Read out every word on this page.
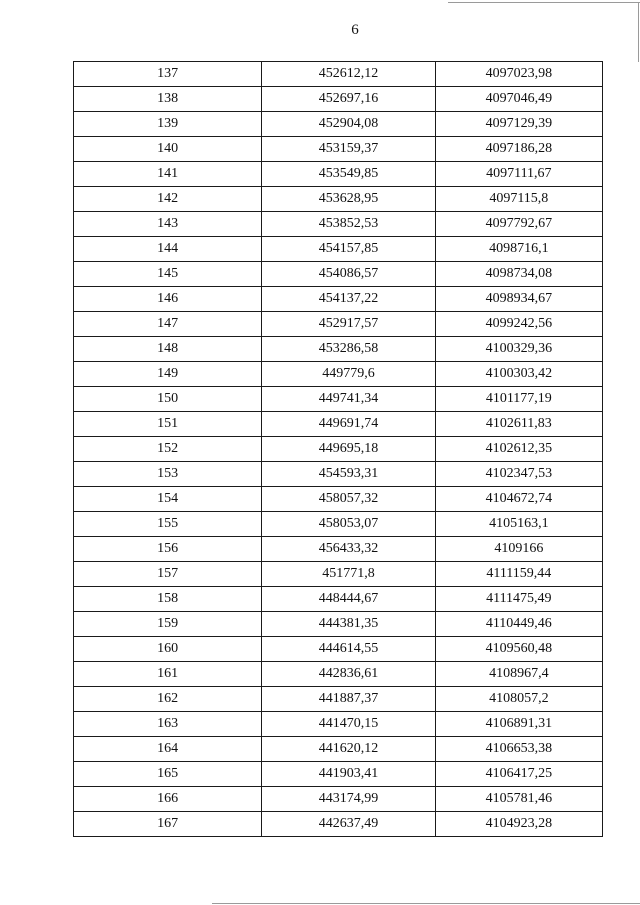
6
137	452612,12	4097023,98
138	452697,16	4097046,49
139	452904,08	4097129,39
140	453159,37	4097186,28
141	453549,85	4097111,67
142	453628,95	4097115,8
143	453852,53	4097792,67
144	454157,85	4098716,1
145	454086,57	4098734,08
146	454137,22	4098934,67
147	452917,57	4099242,56
148	453286,58	4100329,36
149	449779,6	4100303,42
150	449741,34	4101177,19
151	449691,74	4102611,83
152	449695,18	4102612,35
153	454593,31	4102347,53
154	458057,32	4104672,74
155	458053,07	4105163,1
156	456433,32	4109166
157	451771,8	4111159,44
158	448444,67	4111475,49
159	444381,35	4110449,46
160	444614,55	4109560,48
161	442836,61	4108967,4
162	441887,37	4108057,2
163	441470,15	4106891,31
164	441620,12	4106653,38
165	441903,41	4106417,25
166	443174,99	4105781,46
167	442637,49	4104923,28
